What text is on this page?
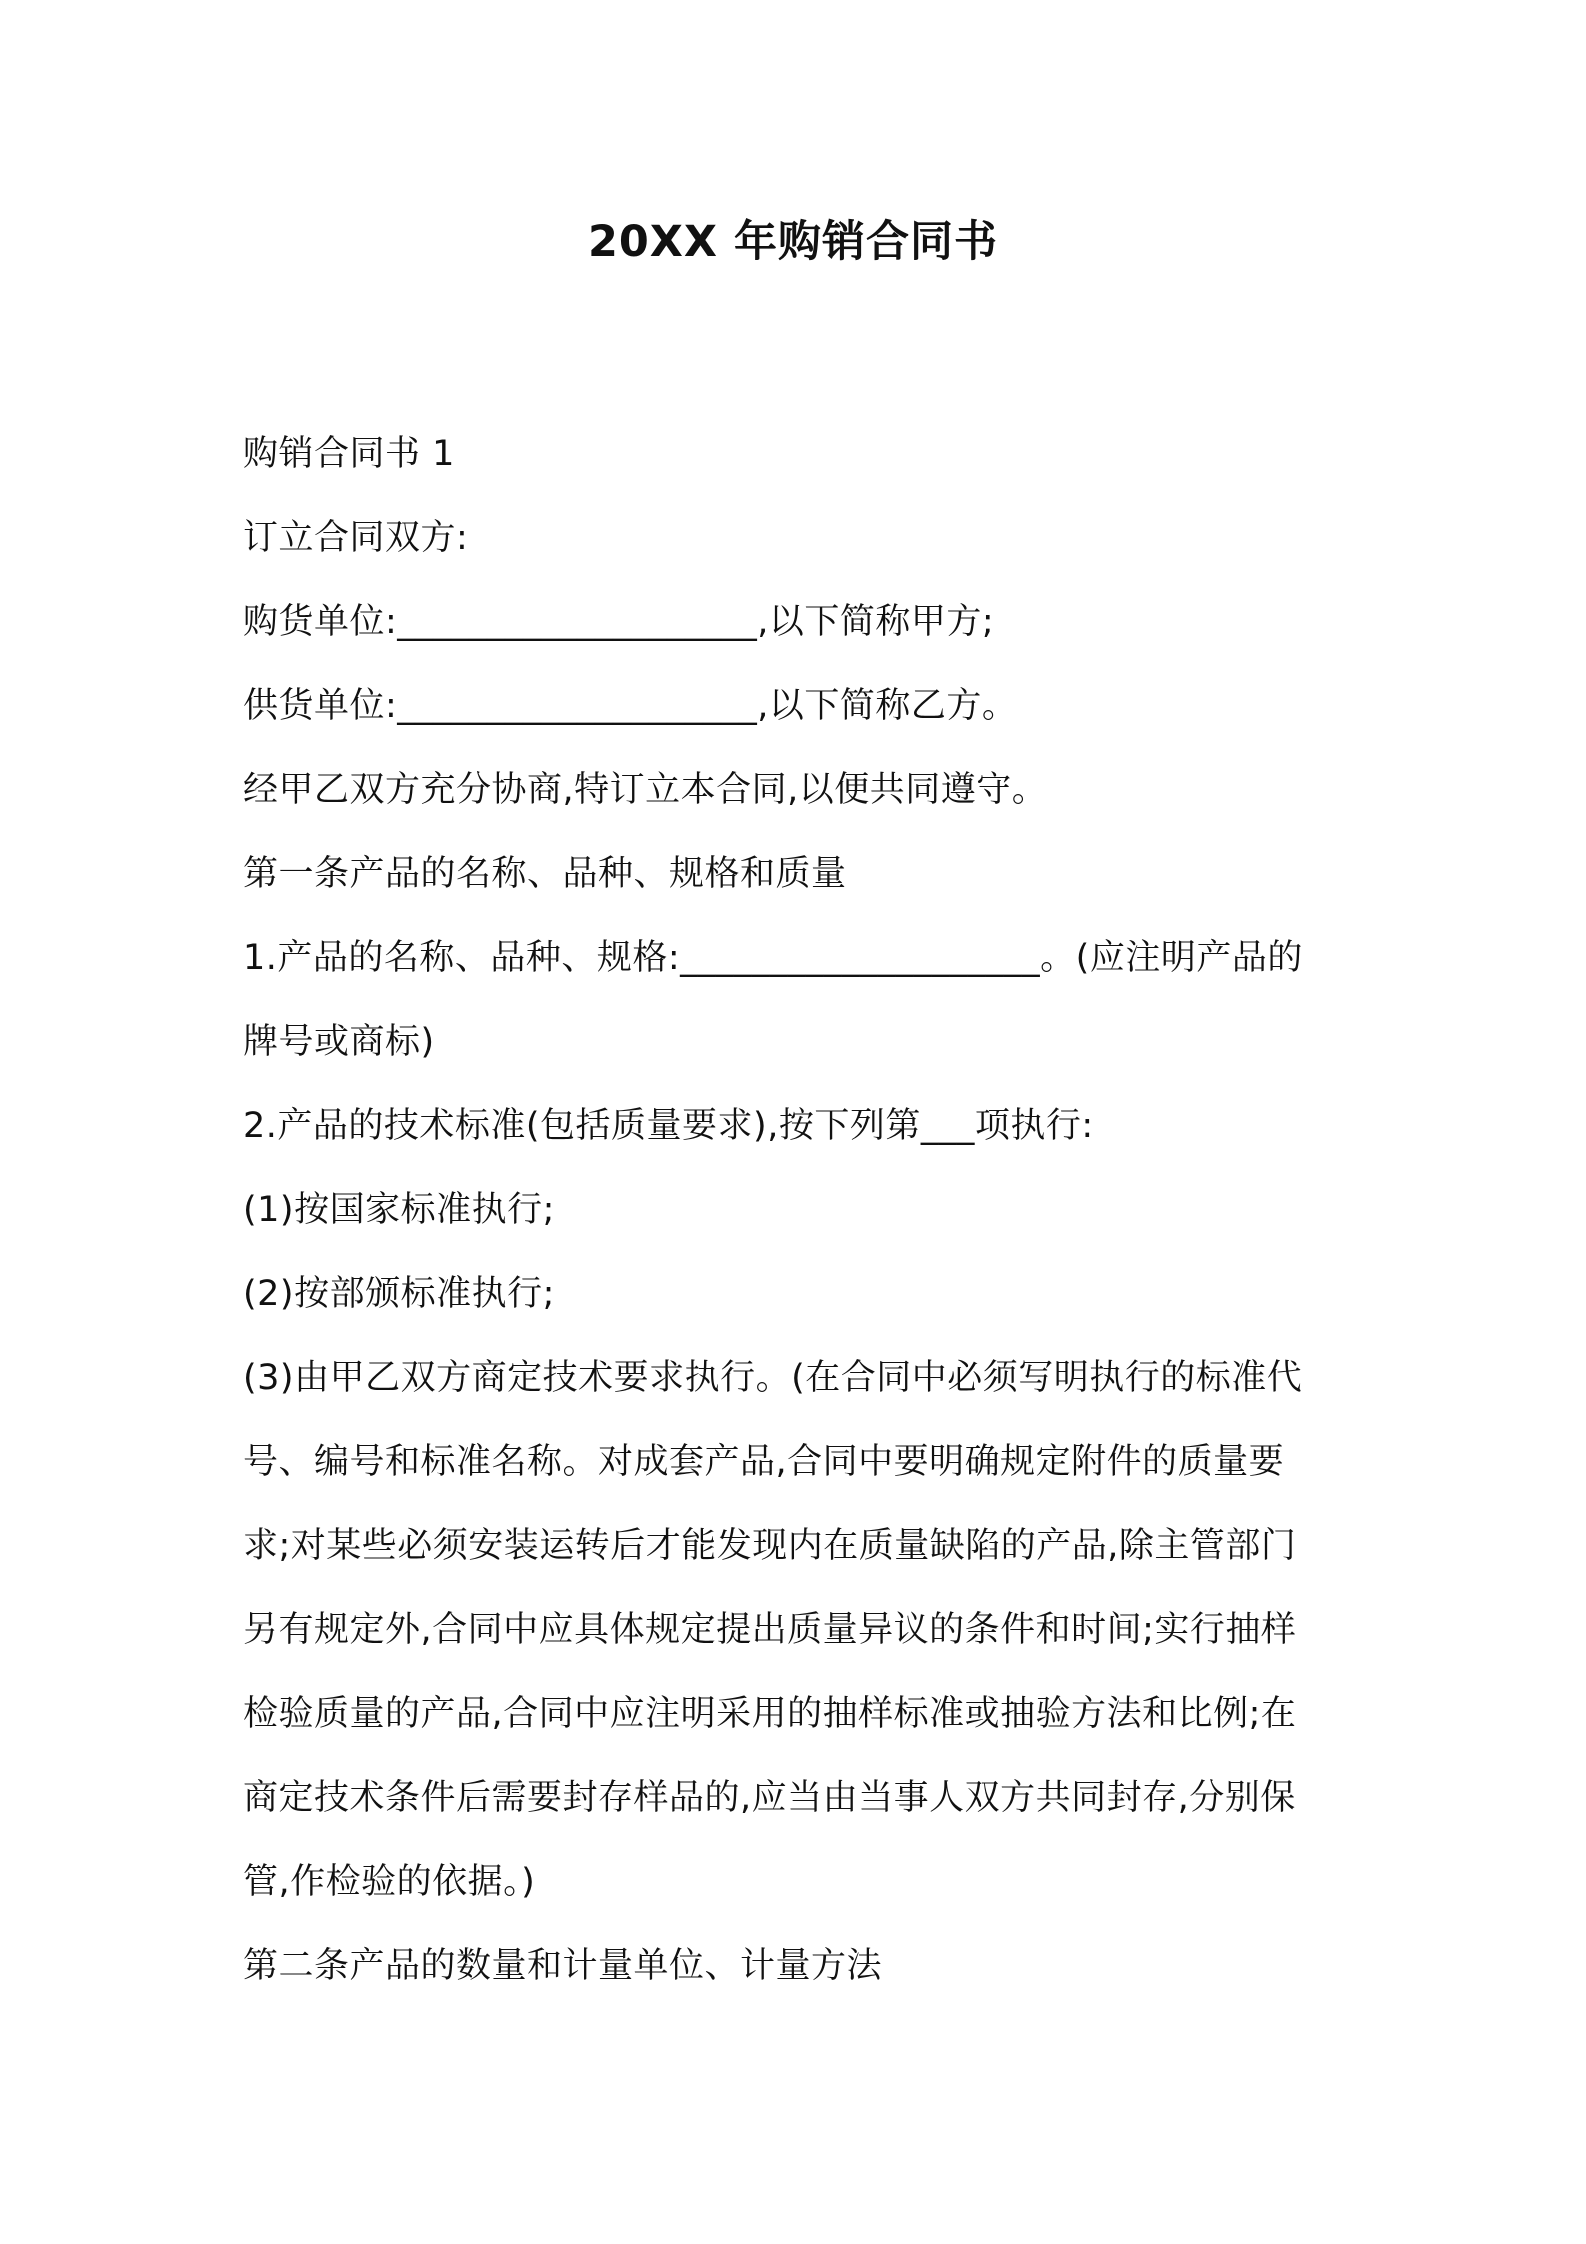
20XX 年购销合同书
购销合同书 1
订立合同双方:
购货单位:____________________,以下简称甲方;
供货单位:____________________,以下简称乙方。
经甲乙双方充分协商,特订立本合同,以便共同遵守。
第一条产品的名称、品种、规格和质量
1.产品的名称、品种、规格:____________________。(应注明产品的
牌号或商标)
2.产品的技术标准(包括质量要求),按下列第___项执行:
(1)按国家标准执行;
(2)按部颁标准执行;
(3)由甲乙双方商定技术要求执行。(在合同中必须写明执行的标准代
号、编号和标准名称。对成套产品,合同中要明确规定附件的质量要
求;对某些必须安装运转后才能发现内在质量缺陷的产品,除主管部门
另有规定外,合同中应具体规定提出质量异议的条件和时间;实行抽样
检验质量的产品,合同中应注明采用的抽样标准或抽验方法和比例;在
商定技术条件后需要封存样品的,应当由当事人双方共同封存,分别保
管,作检验的依据。)
第二条产品的数量和计量单位、计量方法
